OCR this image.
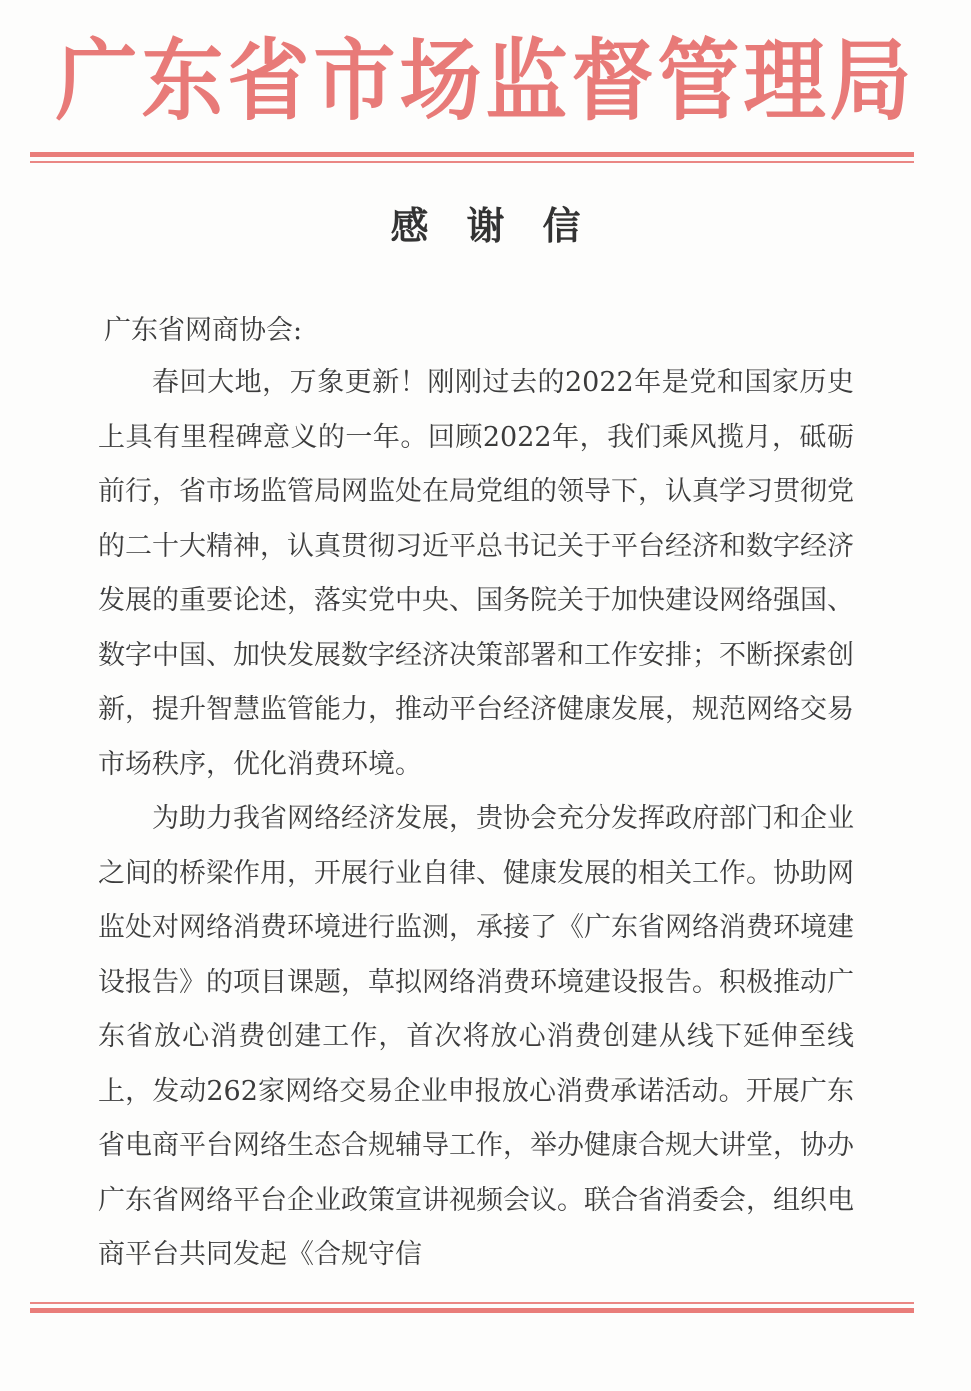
广东省市场监督管理局
感谢信
广东省网商协会:

春回大地，万象更新！刚刚过去的2022年是党和国家历史上具有里程碑意义的一年。回顾2022年，我们乘风揽月，砥砺前行，省市场监管局网监处在局党组的领导下，认真学习贯彻党的二十大精神，认真贯彻习近平总书记关于平台经济和数字经济发展的重要论述，落实党中央、国务院关于加快建设网络强国、数字中国、加快发展数字经济决策部署和工作安排；不断探索创新，提升智慧监管能力，推动平台经济健康发展，规范网络交易市场秩序，优化消费环境。

为助力我省网络经济发展，贵协会充分发挥政府部门和企业之间的桥梁作用，开展行业自律、健康发展的相关工作。协助网监处对网络消费环境进行监测，承接了《广东省网络消费环境建设报告》的项目课题，草拟网络消费环境建设报告。积极推动广东省放心消费创建工作，首次将放心消费创建从线下延伸至线上，发动262家网络交易企业申报放心消费承诺活动。开展广东省电商平台网络生态合规辅导工作，举办健康合规大讲堂，协办广东省网络平台企业政策宣讲视频会议。联合省消委会，组织电商平台共同发起《合规守信
